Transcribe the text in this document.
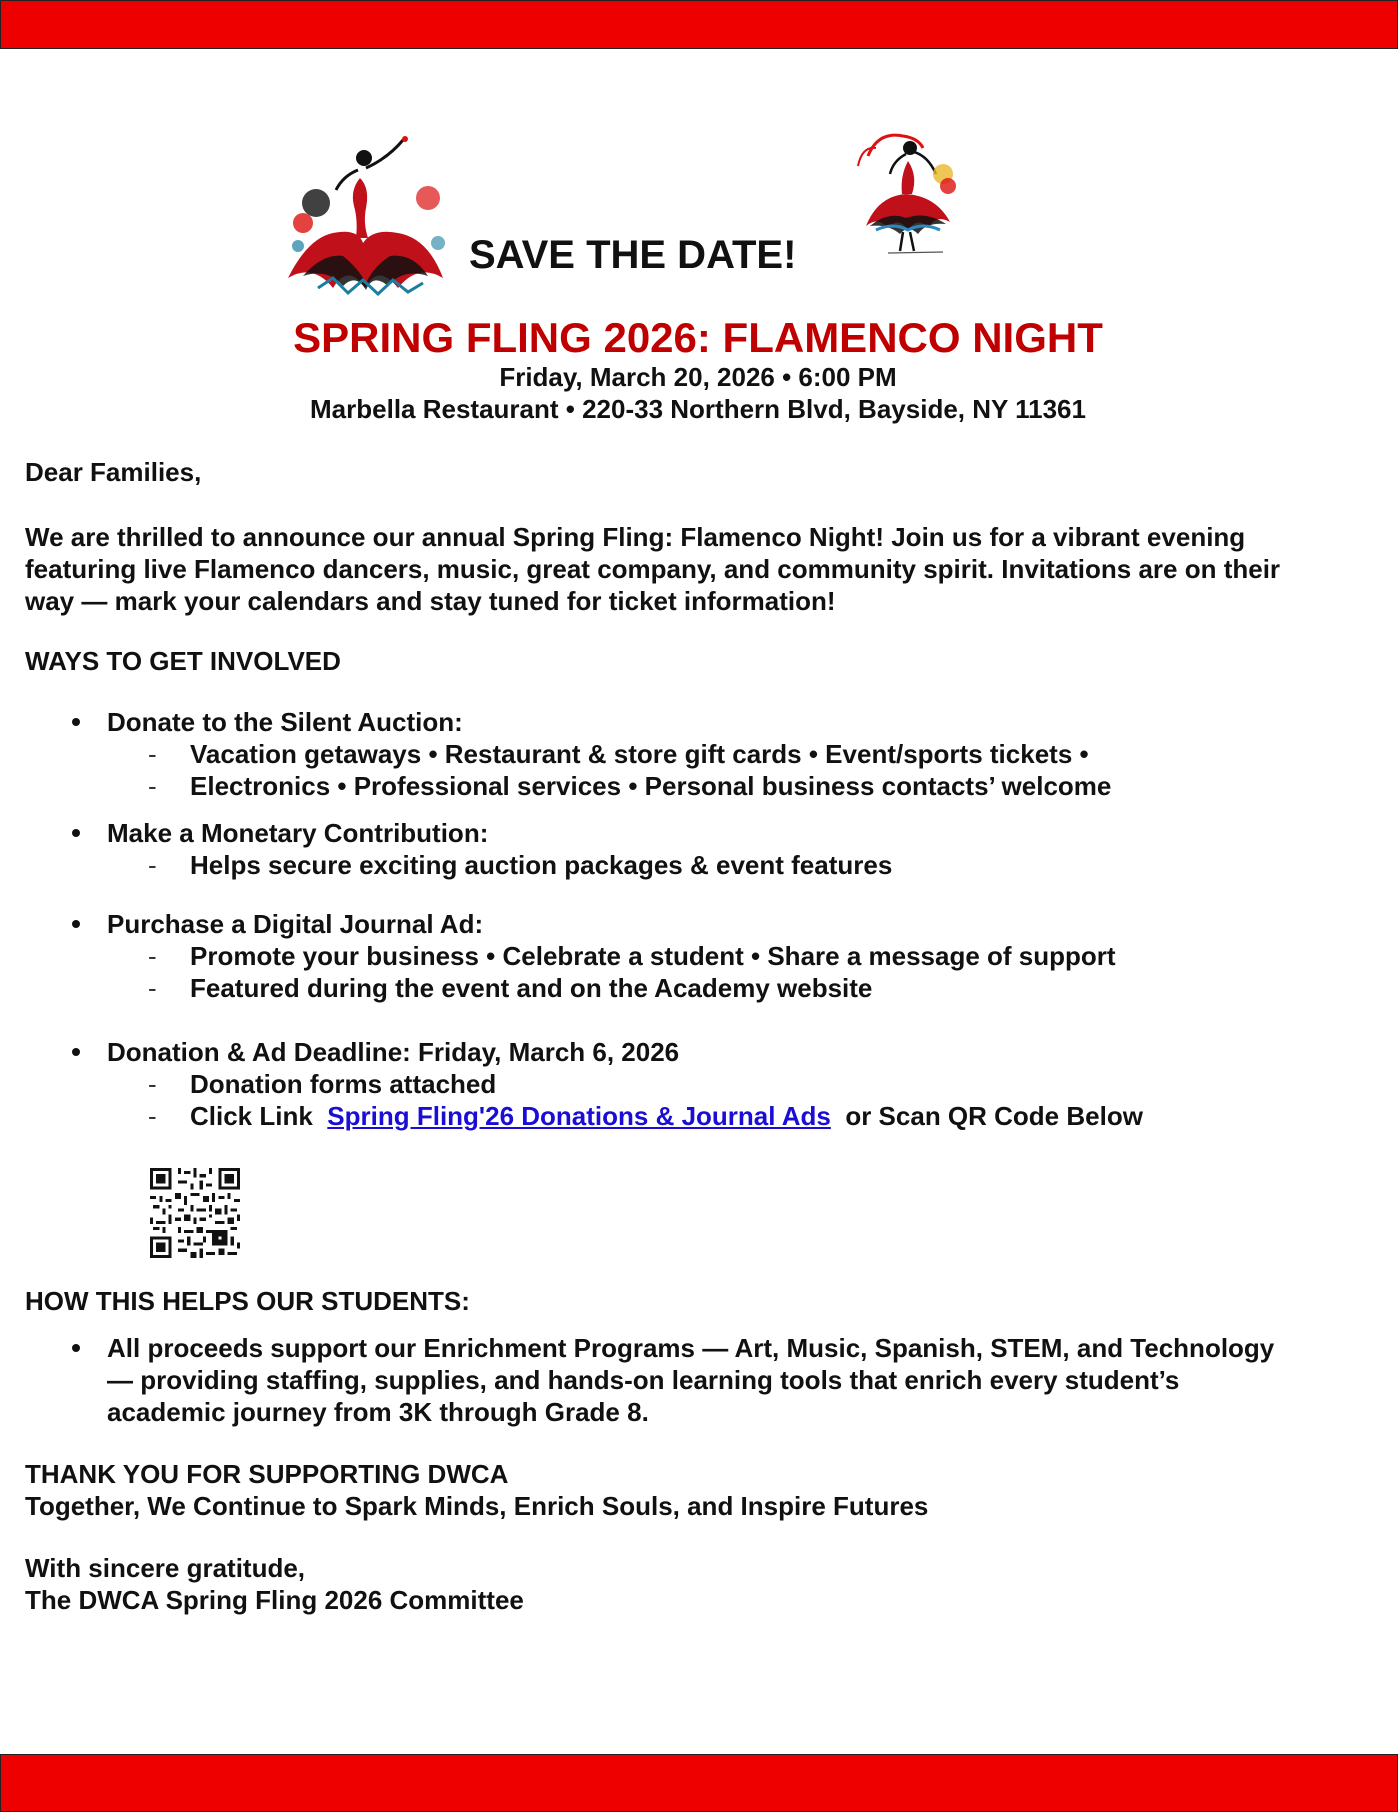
SAVE THE DATE!
SPRING FLING 2026: FLAMENCO NIGHT
Friday, March 20, 2026 • 6:00 PM
Marbella Restaurant • 220-33 Northern Blvd, Bayside, NY 11361
Dear Families,
We are thrilled to announce our annual Spring Fling: Flamenco Night! Join us for a vibrant evening
featuring live Flamenco dancers, music, great company, and community spirit. Invitations are on their
way — mark your calendars and stay tuned for ticket information!
WAYS TO GET INVOLVED
Donate to the Silent Auction:
- Vacation getaways • Restaurant & store gift cards • Event/sports tickets •
- Electronics • Professional services • Personal business contacts’ welcome
Make a Monetary Contribution:
- Helps secure exciting auction packages & event features
Purchase a Digital Journal Ad:
- Promote your business • Celebrate a student • Share a message of support
- Featured during the event and on the Academy website
Donation & Ad Deadline: Friday, March 6, 2026
- Donation forms attached
- Click Link Spring Fling'26 Donations & Journal Ads or Scan QR Code Below
HOW THIS HELPS OUR STUDENTS:
All proceeds support our Enrichment Programs — Art, Music, Spanish, STEM, and Technology
— providing staffing, supplies, and hands-on learning tools that enrich every student’s
academic journey from 3K through Grade 8.
THANK YOU FOR SUPPORTING DWCA
Together, We Continue to Spark Minds, Enrich Souls, and Inspire Futures
With sincere gratitude,
The DWCA Spring Fling 2026 Committee
